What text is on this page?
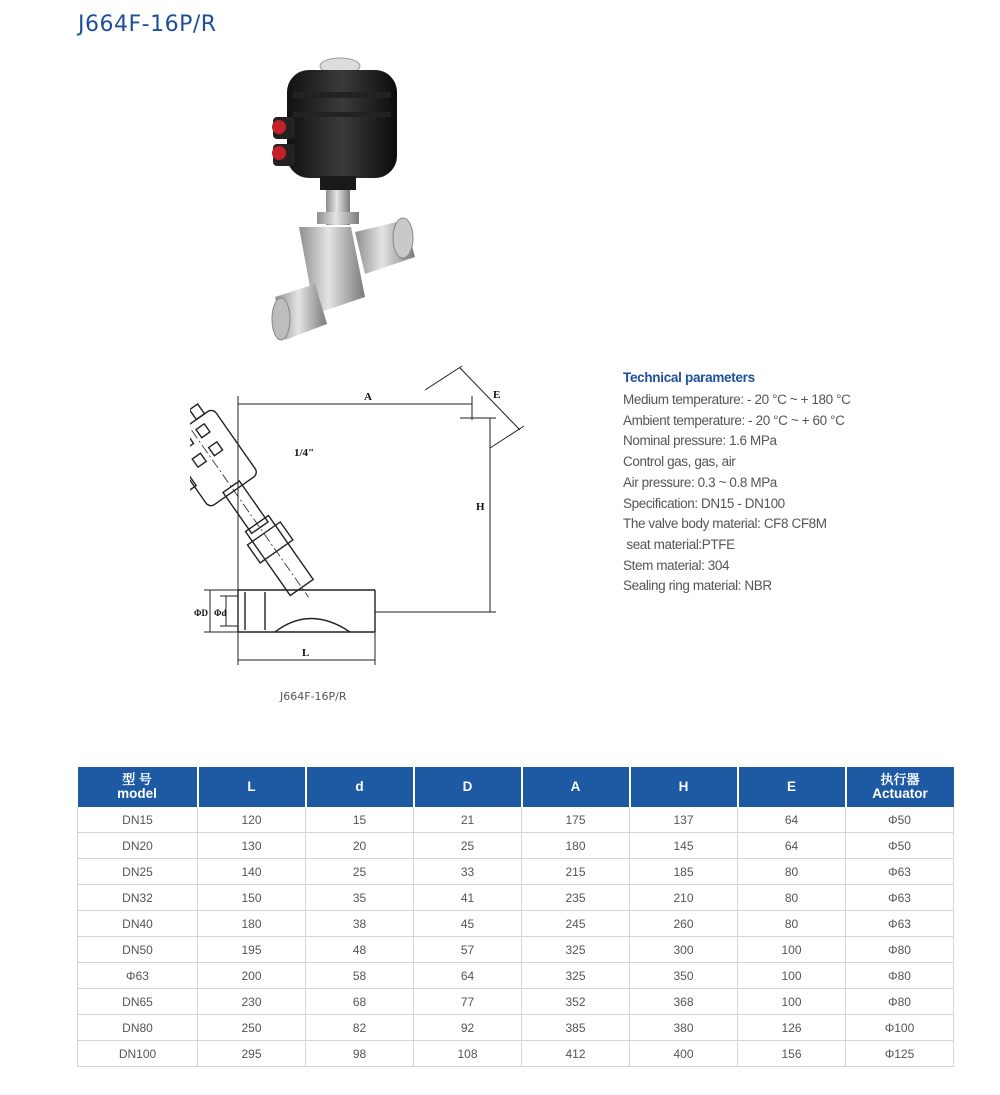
J664F-16P/R
A	E
H
L
ΦD Φd
1/4"
J664F-16P/R
Technical parameters
Medium temperature: - 20 °C ~ + 180 °C
Ambient temperature: - 20 °C ~ + 60 °C
Nominal pressure: 1.6 MPa
Control gas, gas, air
Air pressure: 0.3 ~ 0.8 MPa
Specification: DN15 - DN100
The valve body material: CF8 CF8M
seat material:PTFE
Stem material: 304
Sealing ring material: NBR
型 号
model	L	d	D	A	H	E	执行器
Actuator

DN15	120	15	21	175	137	64	Φ50
DN20	130	20	25	180	145	64	Φ50
DN25	140	25	33	215	185	80	Φ63
DN32	150	35	41	235	210	80	Φ63
DN40	180	38	45	245	260	80	Φ63
DN50	195	48	57	325	300	100	Φ80
Φ63	200	58	64	325	350	100	Φ80
DN65	230	68	77	352	368	100	Φ80
DN80	250	82	92	385	380	126	Φ100
DN100	295	98	108	412	400	156	Φ125
